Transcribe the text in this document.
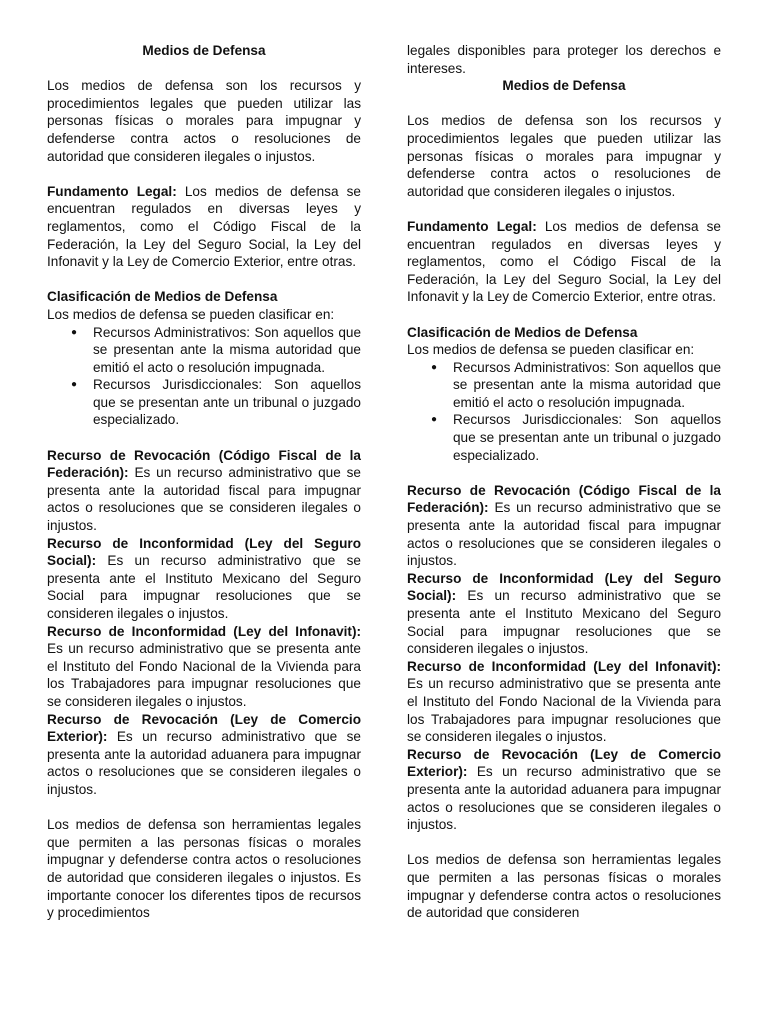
Medios de Defensa

Los medios de defensa son los recursos y procedimientos legales que pueden utilizar las personas físicas o morales para impugnar y defenderse contra actos o resoluciones de autoridad que consideren ilegales o injustos.

Fundamento Legal: Los medios de defensa se encuentran regulados en diversas leyes y reglamentos, como el Código Fiscal de la Federación, la Ley del Seguro Social, la Ley del Infonavit y la Ley de Comercio Exterior, entre otras.

Clasificación de Medios de Defensa

Los medios de defensa se pueden clasificar en:

● Recursos Administrativos: Son aquellos que se presentan ante la misma autoridad que emitió el acto o resolución impugnada.
● Recursos Jurisdiccionales: Son aquellos que se presentan ante un tribunal o juzgado especializado.

Recurso de Revocación (Código Fiscal de la Federación): Es un recurso administrativo que se presenta ante la autoridad fiscal para impugnar actos o resoluciones que se consideren ilegales o injustos.

Recurso de Inconformidad (Ley del Seguro Social): Es un recurso administrativo que se presenta ante el Instituto Mexicano del Seguro Social para impugnar resoluciones que se consideren ilegales o injustos.

Recurso de Inconformidad (Ley del Infonavit): Es un recurso administrativo que se presenta ante el Instituto del Fondo Nacional de la Vivienda para los Trabajadores para impugnar resoluciones que se consideren ilegales o injustos.

Recurso de Revocación (Ley de Comercio Exterior): Es un recurso administrativo que se presenta ante la autoridad aduanera para impugnar actos o resoluciones que se consideren ilegales o injustos.

Los medios de defensa son herramientas legales que permiten a las personas físicas o morales impugnar y defenderse contra actos o resoluciones de autoridad que consideren ilegales o injustos. Es importante conocer los diferentes tipos de recursos y procedimientos

legales disponibles para proteger los derechos e intereses.

Medios de Defensa

Los medios de defensa son los recursos y procedimientos legales que pueden utilizar las personas físicas o morales para impugnar y defenderse contra actos o resoluciones de autoridad que consideren ilegales o injustos.

Fundamento Legal: Los medios de defensa se encuentran regulados en diversas leyes y reglamentos, como el Código Fiscal de la Federación, la Ley del Seguro Social, la Ley del Infonavit y la Ley de Comercio Exterior, entre otras.

Clasificación de Medios de Defensa

Los medios de defensa se pueden clasificar en:

● Recursos Administrativos: Son aquellos que se presentan ante la misma autoridad que emitió el acto o resolución impugnada.
● Recursos Jurisdiccionales: Son aquellos que se presentan ante un tribunal o juzgado especializado.

Recurso de Revocación (Código Fiscal de la Federación): Es un recurso administrativo que se presenta ante la autoridad fiscal para impugnar actos o resoluciones que se consideren ilegales o injustos.

Recurso de Inconformidad (Ley del Seguro Social): Es un recurso administrativo que se presenta ante el Instituto Mexicano del Seguro Social para impugnar resoluciones que se consideren ilegales o injustos.

Recurso de Inconformidad (Ley del Infonavit): Es un recurso administrativo que se presenta ante el Instituto del Fondo Nacional de la Vivienda para los Trabajadores para impugnar resoluciones que se consideren ilegales o injustos.

Recurso de Revocación (Ley de Comercio Exterior): Es un recurso administrativo que se presenta ante la autoridad aduanera para impugnar actos o resoluciones que se consideren ilegales o injustos.

Los medios de defensa son herramientas legales que permiten a las personas físicas o morales impugnar y defenderse contra actos o resoluciones de autoridad que consideren
